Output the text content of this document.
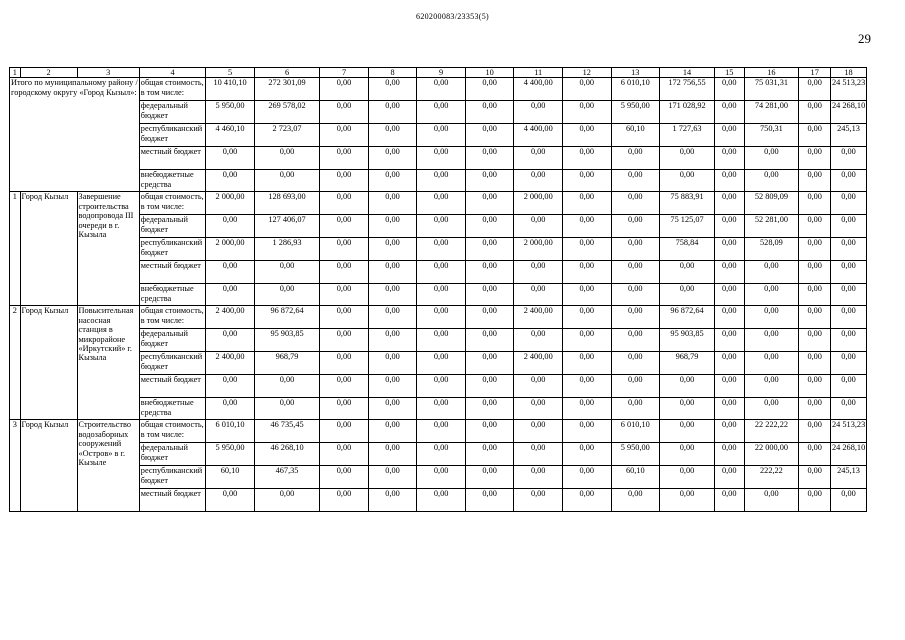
620200083/23353(5)
29
1	2	3	4	5	6	7	8	9	10	11	12	13	14	15	16	17	18
Итого по муниципальному району / городскому округу «Город Кызыл»:			общая стоимость, в том числе:	10 410,10	272 301,09	0,00	0,00	0,00	0,00	4 400,00	0,00	6 010,10	172 756,55	0,00	75 031,31	0,00	24 513,23
			федеральный бюджет	5 950,00	269 578,02	0,00	0,00	0,00	0,00	0,00	0,00	5 950,00	171 028,92	0,00	74 281,00	0,00	24 268,10
			республиканский бюджет	4 460,10	2 723,07	0,00	0,00	0,00	0,00	4 400,00	0,00	60,10	1 727,63	0,00	750,31	0,00	245,13
			местный бюджет	0,00	0,00	0,00	0,00	0,00	0,00	0,00	0,00	0,00	0,00	0,00	0,00	0,00	0,00
			внебюджетные средства	0,00	0,00	0,00	0,00	0,00	0,00	0,00	0,00	0,00	0,00	0,00	0,00	0,00	0,00
1	Город Кызыл	Завершение строительства водопровода III очереди в г. Кызыла	общая стоимость, в том числе:	2 000,00	128 693,00	0,00	0,00	0,00	0,00	2 000,00	0,00	0,00	75 883,91	0,00	52 809,09	0,00	0,00
			федеральный бюджет	0,00	127 406,07	0,00	0,00	0,00	0,00	0,00	0,00	0,00	75 125,07	0,00	52 281,00	0,00	0,00
			республиканский бюджет	2 000,00	1 286,93	0,00	0,00	0,00	0,00	2 000,00	0,00	0,00	758,84	0,00	528,09	0,00	0,00
			местный бюджет	0,00	0,00	0,00	0,00	0,00	0,00	0,00	0,00	0,00	0,00	0,00	0,00	0,00	0,00
			внебюджетные средства	0,00	0,00	0,00	0,00	0,00	0,00	0,00	0,00	0,00	0,00	0,00	0,00	0,00	0,00
2	Город Кызыл	Повысительная насосная станция в микрорайоне «Иркутский» г. Кызыла	общая стоимость, в том числе:	2 400,00	96 872,64	0,00	0,00	0,00	0,00	2 400,00	0,00	0,00	96 872,64	0,00	0,00	0,00	0,00
			федеральный бюджет	0,00	95 903,85	0,00	0,00	0,00	0,00	0,00	0,00	0,00	95 903,85	0,00	0,00	0,00	0,00
			республиканский бюджет	2 400,00	968,79	0,00	0,00	0,00	0,00	2 400,00	0,00	0,00	968,79	0,00	0,00	0,00	0,00
			местный бюджет	0,00	0,00	0,00	0,00	0,00	0,00	0,00	0,00	0,00	0,00	0,00	0,00	0,00	0,00
			внебюджетные средства	0,00	0,00	0,00	0,00	0,00	0,00	0,00	0,00	0,00	0,00	0,00	0,00	0,00	0,00
3	Город Кызыл	Строительство водозаборных сооружений «Остров» в г. Кызыле	общая стоимость, в том числе:	6 010,10	46 735,45	0,00	0,00	0,00	0,00	0,00	0,00	6 010,10	0,00	0,00	22 222,22	0,00	24 513,23
			федеральный бюджет	5 950,00	46 268,10	0,00	0,00	0,00	0,00	0,00	0,00	5 950,00	0,00	0,00	22 000,00	0,00	24 268,10
			республиканский бюджет	60,10	467,35	0,00	0,00	0,00	0,00	0,00	0,00	60,10	0,00	0,00	222,22	0,00	245,13
			местный бюджет	0,00	0,00	0,00	0,00	0,00	0,00	0,00	0,00	0,00	0,00	0,00	0,00	0,00	0,00
